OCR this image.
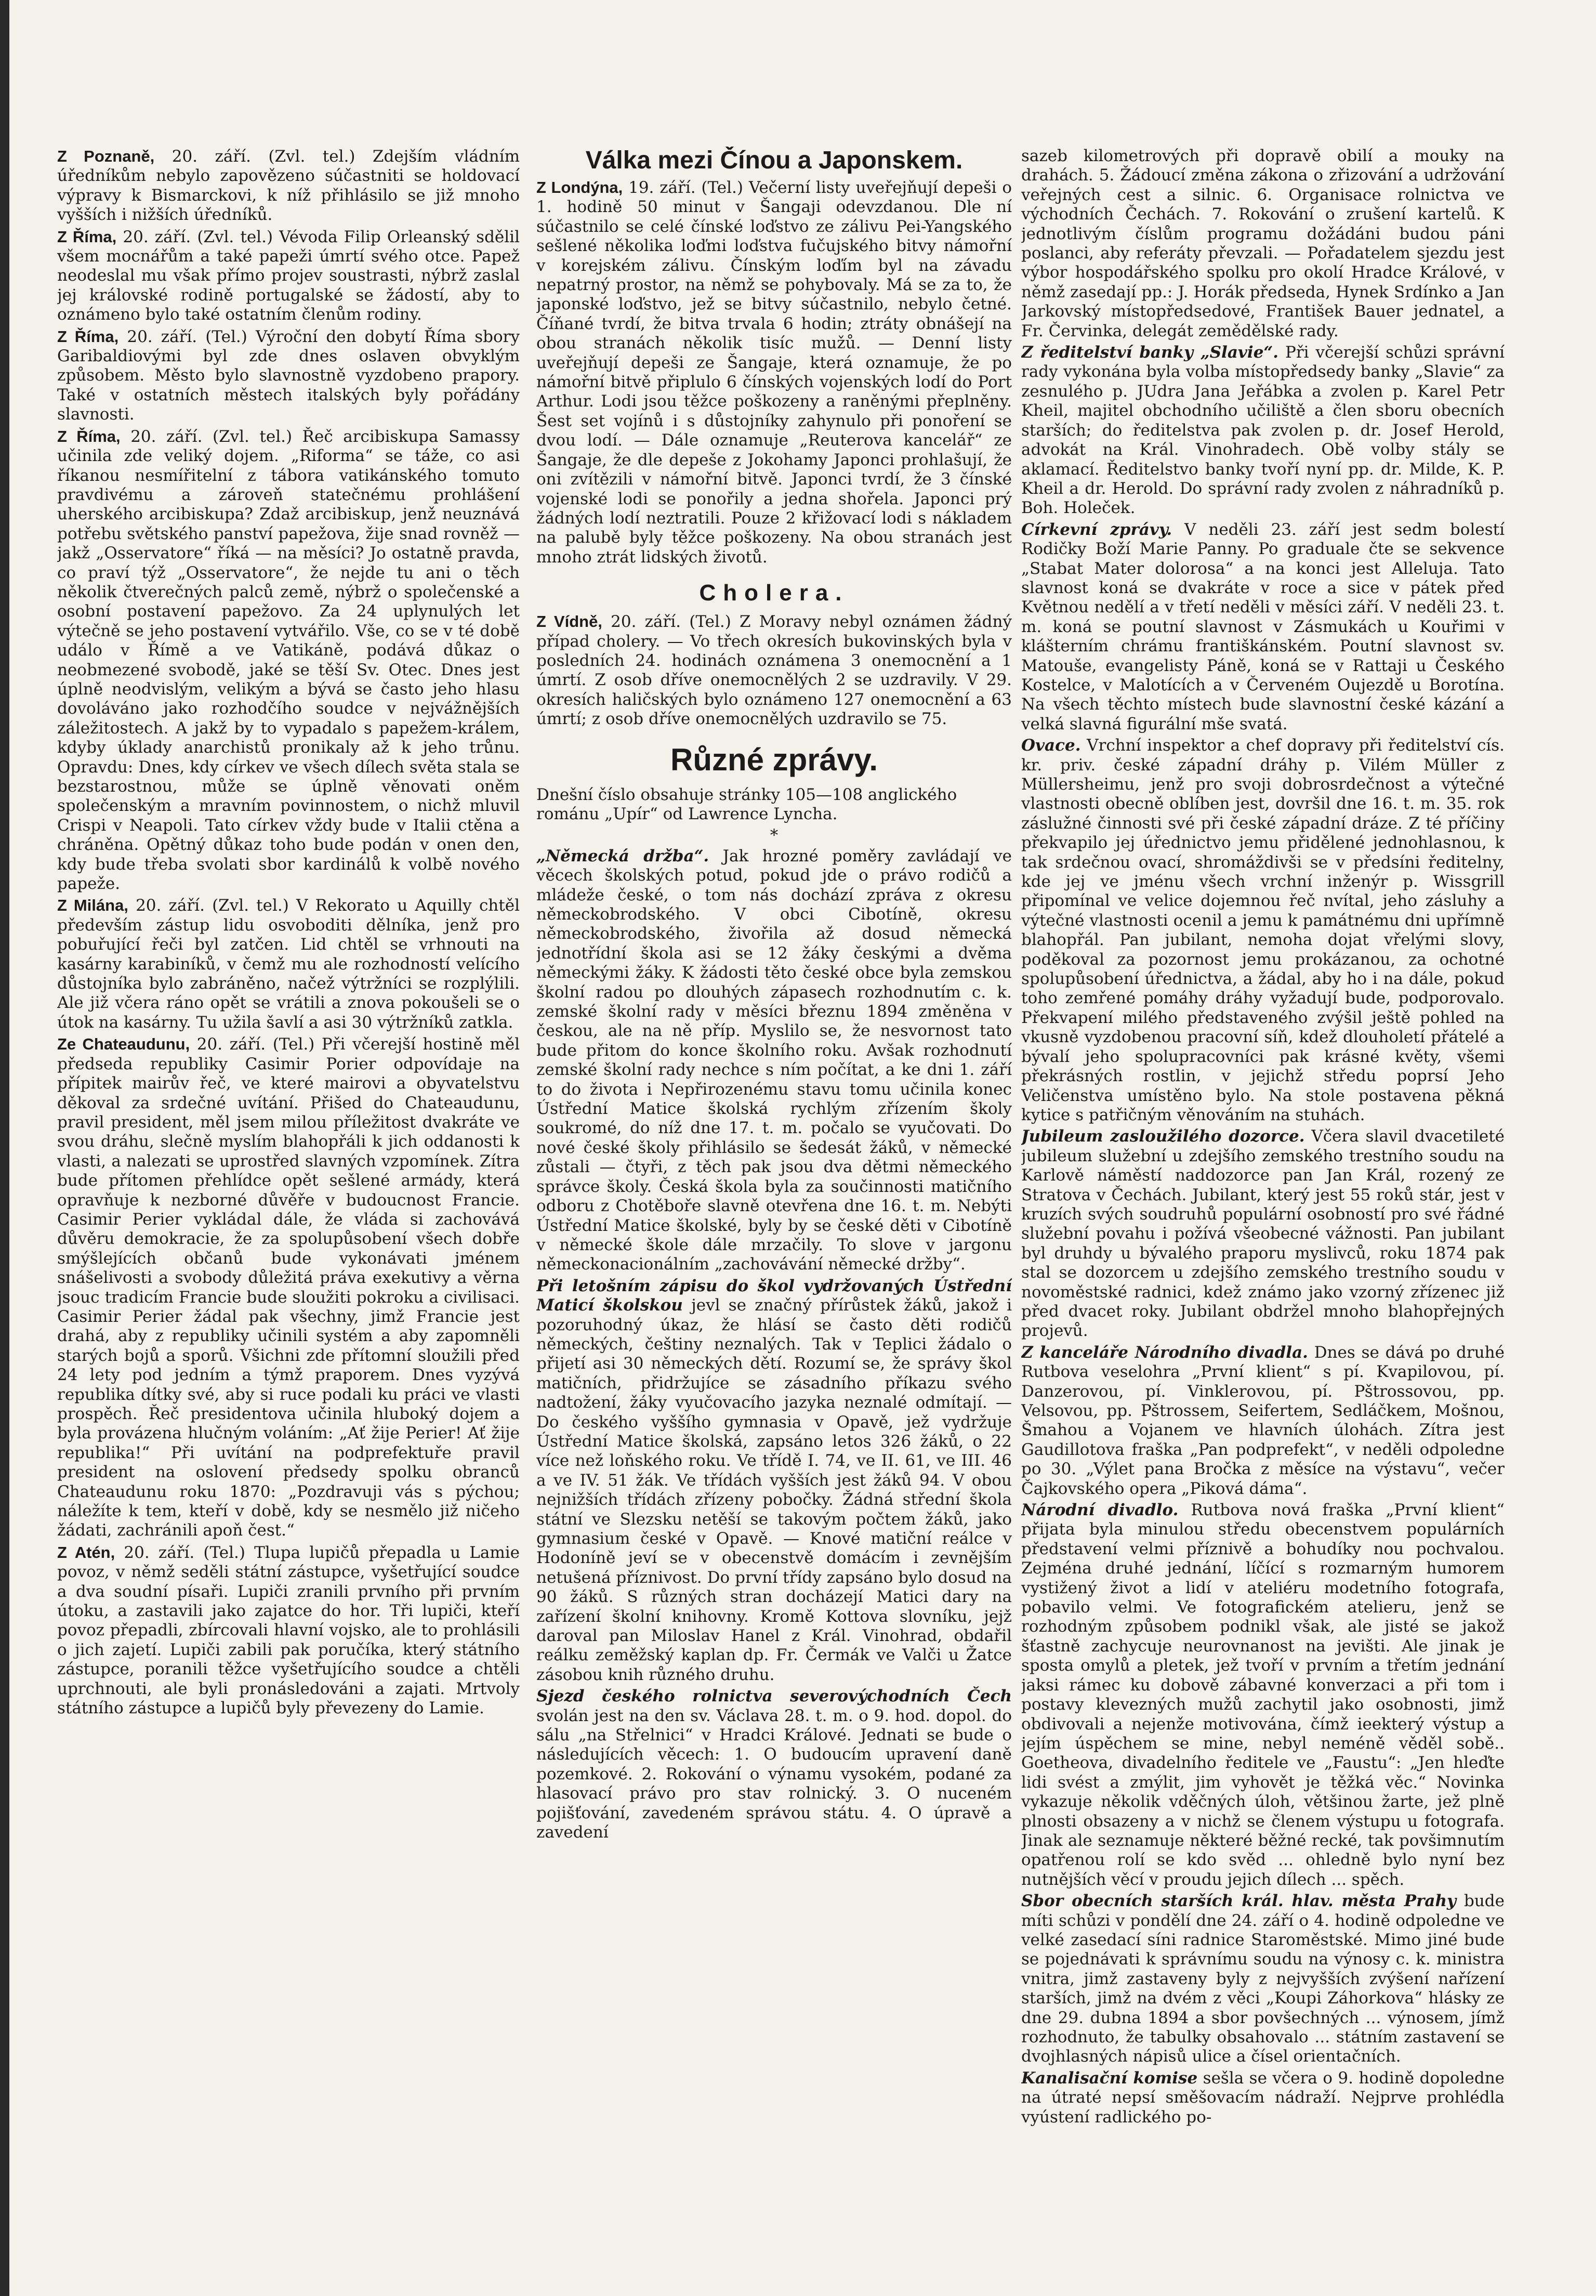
Z Poznaně, 20. září. (Zvl. tel.) Zdejším vládním úředníkům nebylo zapovězeno súčastniti se holdovací výpravy k Bismarckovi, k níž přihlásilo se již mnoho vyšších i nižších úředníků.

Z Říma, 20. září. (Zvl. tel.) Vévoda Filip Orleanský sdělil všem mocnářům a také papeži úmrtí svého otce. Papež neodeslal mu však přímo projev soustrasti, nýbrž zaslal jej královské rodině portugalské se žádostí, aby to oznámeno bylo také ostatním členům rodiny.

Z Říma, 20. září. (Tel.) Výroční den dobytí Říma sbory Garibaldiovými byl zde dnes oslaven obvyklým způsobem. Město bylo slavnostně vyzdobeno prapory. Také v ostatních městech italských byly pořádány slavnosti.

Z Říma, 20. září. (Zvl. tel.) Řeč arcibiskupa Samassy učinila zde veliký dojem. „Riforma“ se táže, co asi říkanou nesmířitelní z tábora vatikánského tomuto pravdivému a zároveň statečnému prohlášení uherského arcibiskupa? Zdaž arcibiskup, jenž neuznává potřebu světského panství papežova, žije snad rovněž — jakž „Osservatore“ říká — na měsíci? Jo ostatně pravda, co praví týž „Osservatore“, že nejde tu ani o těch několik čtverečných palců země, nýbrž o společenské a osobní postavení papežovo. Za 24 uplynulých let výtečně se jeho postavení vytvářilo. Vše, co se v té době událo v Římě a ve Vatikáně, podává důkaz o neobmezené svobodě, jaké se těší Sv. Otec. Dnes jest úplně neodvislým, velikým a bývá se často jeho hlasu dovoláváno jako rozhodčího soudce v nejvážnějších záležitostech. A jakž by to vypadalo s papežem-králem, kdyby úklady anarchistů pronikaly až k jeho trůnu. Opravdu: Dnes, kdy církev ve všech dílech světa stala se bezstarostnou, může se úplně věnovati oněm společenským a mravním povinnostem, o nichž mluvil Crispi v Neapoli. Tato církev vždy bude v Italii ctěna a chráněna. Opětný důkaz toho bude podán v onen den, kdy bude třeba svolati sbor kardinálů k volbě nového papeže.

Z Milána, 20. září. (Zvl. tel.) V Rekorato u Aquilly chtěl především zástup lidu osvoboditi dělníka, jenž pro pobuřující řeči byl zatčen. Lid chtěl se vrhnouti na kasárny karabiníků, v čemž mu ale rozhodností velícího důstojníka bylo zabráněno, načež výtržníci se rozplýlili. Ale již včera ráno opět se vrátili a znova pokoušeli se o útok na kasárny. Tu užila šavlí a asi 30 výtržníků zatkla.

Ze Chateaudunu, 20. září. (Tel.) Při včerejší hostině měl předseda republiky Casimir Porier odpovídaje na přípitek mairův řeč, ve které mairovi a obyvatelstvu děkoval za srdečné uvítání. Přišed do Chateaudunu, pravil president, měl jsem milou příležitost dvakráte ve svou dráhu, slečně myslím blahopřáli k jich oddanosti k vlasti, a nalezati se uprostřed slavných vzpomínek. Zítra bude přítomen přehlídce opět sešlené armády, která opravňuje k nezborné důvěře v budoucnost Francie. Casimir Perier vykládal dále, že vláda si zachovává důvěru demokracie, že za spolupůsobení všech dobře smýšlejících občanů bude vykonávati jménem snášelivosti a svobody důležitá práva exekutivy a věrna jsouc tradicím Francie bude sloužiti pokroku a civilisaci. Casimir Perier žádal pak všechny, jimž Francie jest drahá, aby z republiky učinili systém a aby zapomněli starých bojů a sporů. Všichni zde přítomní sloužili před 24 lety pod jedním a týmž praporem. Dnes vyzývá republika dítky své, aby si ruce podali ku práci ve vlasti prospěch. Řeč presidentova učinila hluboký dojem a byla provázena hlučným voláním: „Ať žije Perier! Ať žije republika!“ Při uvítání na podprefektuře pravil president na oslovení předsedy spolku obranců Chateaudunu roku 1870: „Pozdravuji vás s pýchou; náležíte k tem, kteří v době, kdy se nesmělo již ničeho žádati, zachránili apoň čest.“

Z Atén, 20. září. (Tel.) Tlupa lupičů přepadla u Lamie povoz, v němž seděli státní zástupce, vyšetřující soudce a dva soudní písaři. Lupiči zranili prvního při prvním útoku, a zastavili jako zajatce do hor. Tři lupiči, kteří povoz přepadli, zbírcovali hlavní vojsko, ale to prohlásili o jich zajetí. Lupiči zabili pak poručíka, který státního zástupce, poranili těžce vyšetřujícího soudce a chtěli uprchnouti, ale byli pronásledováni a zajati. Mrtvoly státního zástupce a lupičů byly převezeny do Lamie.

Válka mezi Čínou a Japonskem.

Z Londýna, 19. září. (Tel.) Večerní listy uveřejňují depeši o 1. hodině 50 minut v Šangaji odevzdanou. Dle ní súčastnilo se celé čínské loďstvo ze zálivu Pei-Yangského sešlené několika loďmi loďstva fučujského bitvy námořní v korejském zálivu. Čínským loďím byl na závadu nepatrný prostor, na němž se pohybovaly. Má se za to, že japonské loďstvo, jež se bitvy súčastnilo, nebylo četné. Číňané tvrdí, že bitva trvala 6 hodin; ztráty obnášejí na obou stranách několik tisíc mužů. — Denní listy uveřejňují depeši ze Šangaje, která oznamuje, že po námořní bitvě připlulo 6 čínských vojenských lodí do Port Arthur. Lodi jsou těžce poškozeny a raněnými přeplněny. Šest set vojínů i s důstojníky zahynulo při ponoření se dvou lodí. — Dále oznamuje „Reuterova kancelář“ ze Šangaje, že dle depeše z Jokohamy Japonci prohlašují, že oni zvítězili v námořní bitvě. Japonci tvrdí, že 3 čínské vojenské lodi se ponořily a jedna shořela. Japonci prý žádných lodí neztratili. Pouze 2 křižovací lodi s nákladem na palubě byly těžce poškozeny. Na obou stranách jest mnoho ztrát lidských životů.

Cholera.

Z Vídně, 20. září. (Tel.) Z Moravy nebyl oznámen žádný případ cholery. — Vo třech okresích bukovinských byla v posledních 24. hodinách oznámena 3 onemocnění a 1 úmrtí. Z osob dříve onemocnělých 2 se uzdravily. V 29. okresích haličských bylo oznámeno 127 onemocnění a 63 úmrtí; z osob dříve onemocnělých uzdravilo se 75.

Různé zprávy.

Dnešní číslo obsahuje stránky 105—108 anglického románu „Upír“ od Lawrence Lyncha.

*

„Německá držba“. Jak hrozné poměry zavládají ve věcech školských potud, pokud jde o právo rodičů a mládeže české, o tom nás dochází zpráva z okresu německobrodského. V obci Cibotíně, okresu německobrodského, živořila až dosud německá jednotřídní škola asi se 12 žáky českými a dvěma německými žáky. K žádosti těto české obce byla zemskou školní radou po dlouhých zápasech rozhodnutím c. k. zemské školní rady v měsíci březnu 1894 změněna v českou, ale na ně příp. Myslilo se, že nesvornost tato bude přitom do konce školního roku. Avšak rozhodnutí zemské školní rady nechce s ním počítat, a ke dni 1. září to do života i Nepřirozenému stavu tomu učinila konec Ústřední Matice školská rychlým zřízením školy soukromé, do níž dne 17. t. m. počalo se vyučovati. Do nové české školy přihlásilo se šedesát žáků, v německé zůstali — čtyři, z těch pak jsou dva dětmi německého správce školy. Česká škola byla za součinnosti matičního odboru z Chotěboře slavně otevřena dne 16. t. m. Nebýti Ústřední Matice školské, byly by se české děti v Cibotíně v německé škole dále mrzačily. To slove v jargonu německonacionálním „zachovávání německé držby“.

Při letošním zápisu do škol vydržovaných Ústřední Maticí školskou jevl se značný přírůstek žáků, jakož i pozoruhodný úkaz, že hlásí se často děti rodičů německých, češtiny neznalých. Tak v Teplici žádalo o přijetí asi 30 německých dětí. Rozumí se, že správy škol matičních, přidržujíce se zásadního příkazu svého nadtožení, žáky vyučovacího jazyka neznalé odmítají. — Do českého vyššího gymnasia v Opavě, jež vydržuje Ústřední Matice školská, zapsáno letos 326 žáků, o 22 více než loňského roku. Ve třídě I. 74, ve II. 61, ve III. 46 a ve IV. 51 žák. Ve třídách vyšších jest žáků 94. V obou nejnižších třídách zřízeny pobočky. Žádná střední škola státní ve Slezsku netěší se takovým počtem žáků, jako gymnasium české v Opavě. — Knové matiční reálce v Hodoníně jeví se v obecenstvě domácím i zevnějším netušená příznivost. Do první třídy zapsáno bylo dosud na 90 žáků. S různých stran docházejí Matici dary na zařízení školní knihovny. Kromě Kottova slovníku, jejž daroval pan Miloslav Hanel z Král. Vinohrad, obdařil reálku zeměžský kaplan dp. Fr. Čermák ve Valči u Žatce zásobou knih různého druhu.

Sjezd českého rolnictva severovýchodních Čech svolán jest na den sv. Václava 28. t. m. o 9. hod. dopol. do sálu „na Střelnici“ v Hradci Králové. Jednati se bude o následujících věcech: 1. O budoucím upravení daně pozemkové. 2. Rokování o výnamu vysokém, podané za hlasovací právo pro stav rolnický. 3. O nuceném pojišťování, zavedeném správou státu. 4. O úpravě a zavedení

sazeb kilometrových při dopravě obilí a mouky na drahách. 5. Žádoucí změna zákona o zřizování a udržování veřejných cest a silnic. 6. Organisace rolnictva ve východních Čechách. 7. Rokování o zrušení kartelů. K jednotlivým číslům programu dožádáni budou páni poslanci, aby referáty převzali. — Pořadatelem sjezdu jest výbor hospodářského spolku pro okolí Hradce Králové, v němž zasedají pp.: J. Horák předseda, Hynek Srdínko a Jan Jarkovský místopředsedové, František Bauer jednatel, a Fr. Červinka, delegát zemědělské rady.

Z ředitelství banky „Slavie“. Při včerejší schůzi správní rady vykonána byla volba místopředsedy banky „Slavie“ za zesnulého p. JUdra Jana Jeřábka a zvolen p. Karel Petr Kheil, majitel obchodního učiliště a člen sboru obecních starších; do ředitelstva pak zvolen p. dr. Josef Herold, advokát na Král. Vinohradech. Obě volby stály se aklamací. Ředitelstvo banky tvoří nyní pp. dr. Milde, K. P. Kheil a dr. Herold. Do správní rady zvolen z náhradníků p. Boh. Holeček.

Církevní zprávy. V neděli 23. září jest sedm bolestí Rodičky Boží Marie Panny. Po graduale čte se sekvence „Stabat Mater dolorosa“ a na konci jest Alleluja. Tato slavnost koná se dvakráte v roce a sice v pátek před Květnou nedělí a v třetí neděli v měsíci září. V neděli 23. t. m. koná se poutní slavnost v Zásmukách u Kouřimi v klášterním chrámu františkánském. Poutní slavnost sv. Matouše, evangelisty Páně, koná se v Rattaji u Českého Kostelce, v Malotících a v Červeném Oujezdě u Borotína. Na všech těchto místech bude slavnostní české kázání a velká slavná figurální mše svatá.

Ovace. Vrchní inspektor a chef dopravy při ředitelství cís. kr. priv. české západní dráhy p. Vilém Müller z Müllersheimu, jenž pro svoji dobrosrdečnost a výtečné vlastnosti obecně oblíben jest, dovršil dne 16. t. m. 35. rok záslužné činnosti své při české západní dráze. Z té příčiny překvapilo jej úřednictvo jemu přidělené jednohlasnou, k tak srdečnou ovací, shromáždivši se v předsíni ředitelny, kde jej ve jménu všech vrchní inženýr p. Wissgrill připomínal ve velice dojemnou řeč nvítal, jeho zásluhy a výtečné vlastnosti ocenil a jemu k památnému dni upřímně blahopřál. Pan jubilant, nemoha dojat vřelými slovy, poděkoval za pozornost jemu prokázanou, za ochotné spolupůsobení úřednictva, a žádal, aby ho i na dále, pokud toho zemřené pomáhy dráhy vyžadují bude, podporovalo. Překvapení milého představeného zvýšil ještě pohled na vkusně vyzdobenou pracovní síň, kdež dlouholetí přátelé a bývalí jeho spolupracovníci pak krásné květy, všemi překrásných rostlin, v jejichž středu poprsí Jeho Veličenstva umístěno bylo. Na stole postavena pěkná kytice s patřičným věnováním na stuhách.

Jubileum zasloužilého dozorce. Včera slavil dvacetileté jubileum služební u zdejšího zemského trestního soudu na Karlově náměstí naddozorce pan Jan Král, rozený ze Stratova v Čechách. Jubilant, který jest 55 roků stár, jest v kruzích svých soudruhů populární osobností pro své řádné služební povahu i požívá všeobecné vážnosti. Pan jubilant byl druhdy u bývalého praporu myslivců, roku 1874 pak stal se dozorcem u zdejšího zemského trestního soudu v novoměstské radnici, kdež známo jako vzorný zřízenec již před dvacet roky. Jubilant obdržel mnoho blahopřejných projevů.

Z kanceláře Národního divadla. Dnes se dává po druhé Rutbova veselohra „První klient“ s pí. Kvapilovou, pí. Danzerovou, pí. Vinklerovou, pí. Pštrossovou, pp. Velsovou, pp. Pštrossem, Seifertem, Sedláčkem, Mošnou, Šmahou a Vojanem ve hlavních úlohách. Zítra jest Gaudillotova fraška „Pan podprefekt“, v neděli odpoledne po 30. „Výlet pana Bročka z měsíce na výstavu“, večer Čajkovského opera „Piková dáma“.

Národní divadlo. Rutbova nová fraška „První klient“ přijata byla minulou středu obecenstvem populárních představení velmi příznivě a bohudíky nou pochvalou. Zejména druhé jednání, líčící s rozmarným humorem vystižený život a lidí v ateliéru modetního fotografa, pobavilo velmi. Ve fotografickém atelieru, jenž se rozhodným způsobem podnikl však, ale jisté se jakož šťastně zachycuje neurovnanost na jevišti. Ale jinak je sposta omylů a pletek, jež tvoří v prvním a třetím jednání jaksi rámec ku dobově zábavné konverzaci a při tom i postavy klevezných mužů zachytil jako osobnosti, jimž obdivovali a nejenže motivována, čímž ieekterý výstup a jejím úspěchem se mine, nebyl neméně věděl sobě.. Goetheova, divadelního ředitele ve „Faustu“: „Jen hleďte lidi svést a zmýlit, jim vyhovět je těžká věc.“ Novinka vykazuje několik vděčných úloh, většinou žarte, jež plně plnosti obsazeny a v nichž se členem výstupu u fotografa. Jinak ale seznamuje některé běžné recké, tak povšimnutím opatřenou rolí se kdo svěd ... ohledně bylo nyní bez nutnějších věcí v proudu jejich dílech ... spěch.

Sbor obecních starších král. hlav. města Prahy bude míti schůzi v pondělí dne 24. září o 4. hodině odpoledne ve velké zasedací síni radnice Staroměstské. Mimo jiné bude se pojednávati k správnímu soudu na výnosy c. k. ministra vnitra, jimž zastaveny byly z nejvyšších zvýšení nařízení starších, jimž na dvém z věci „Koupi Záhorkova“ hlásky ze dne 29. dubna 1894 a sbor povšechných ... výnosem, jímž rozhodnuto, že tabulky obsahovalo ... státním zastavení se dvojhlasných nápisů ulice a čísel orientačních.

Kanalisační komise sešla se včera o 9. hodině dopoledne na útraté nepsí směšovacím nádraží. Nejprve prohlédla vyústení radlického po-
